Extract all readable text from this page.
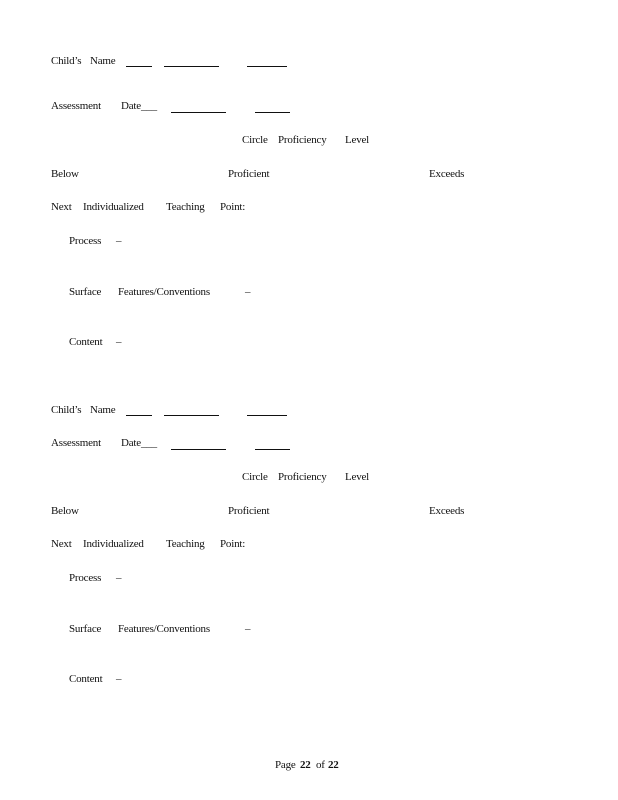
Child’s Name
Assessment Date___
Circle Proficiency Level
Below	Proficient	Exceeds
Next Individualized Teaching Point:
Process –
Surface Features/Conventions	–
Content –
Child’s Name
Assessment Date___
Circle Proficiency Level
Below	Proficient	Exceeds
Next Individualized Teaching Point:
Process –
Surface Features/Conventions	–
Content –
Page 22 of 22
